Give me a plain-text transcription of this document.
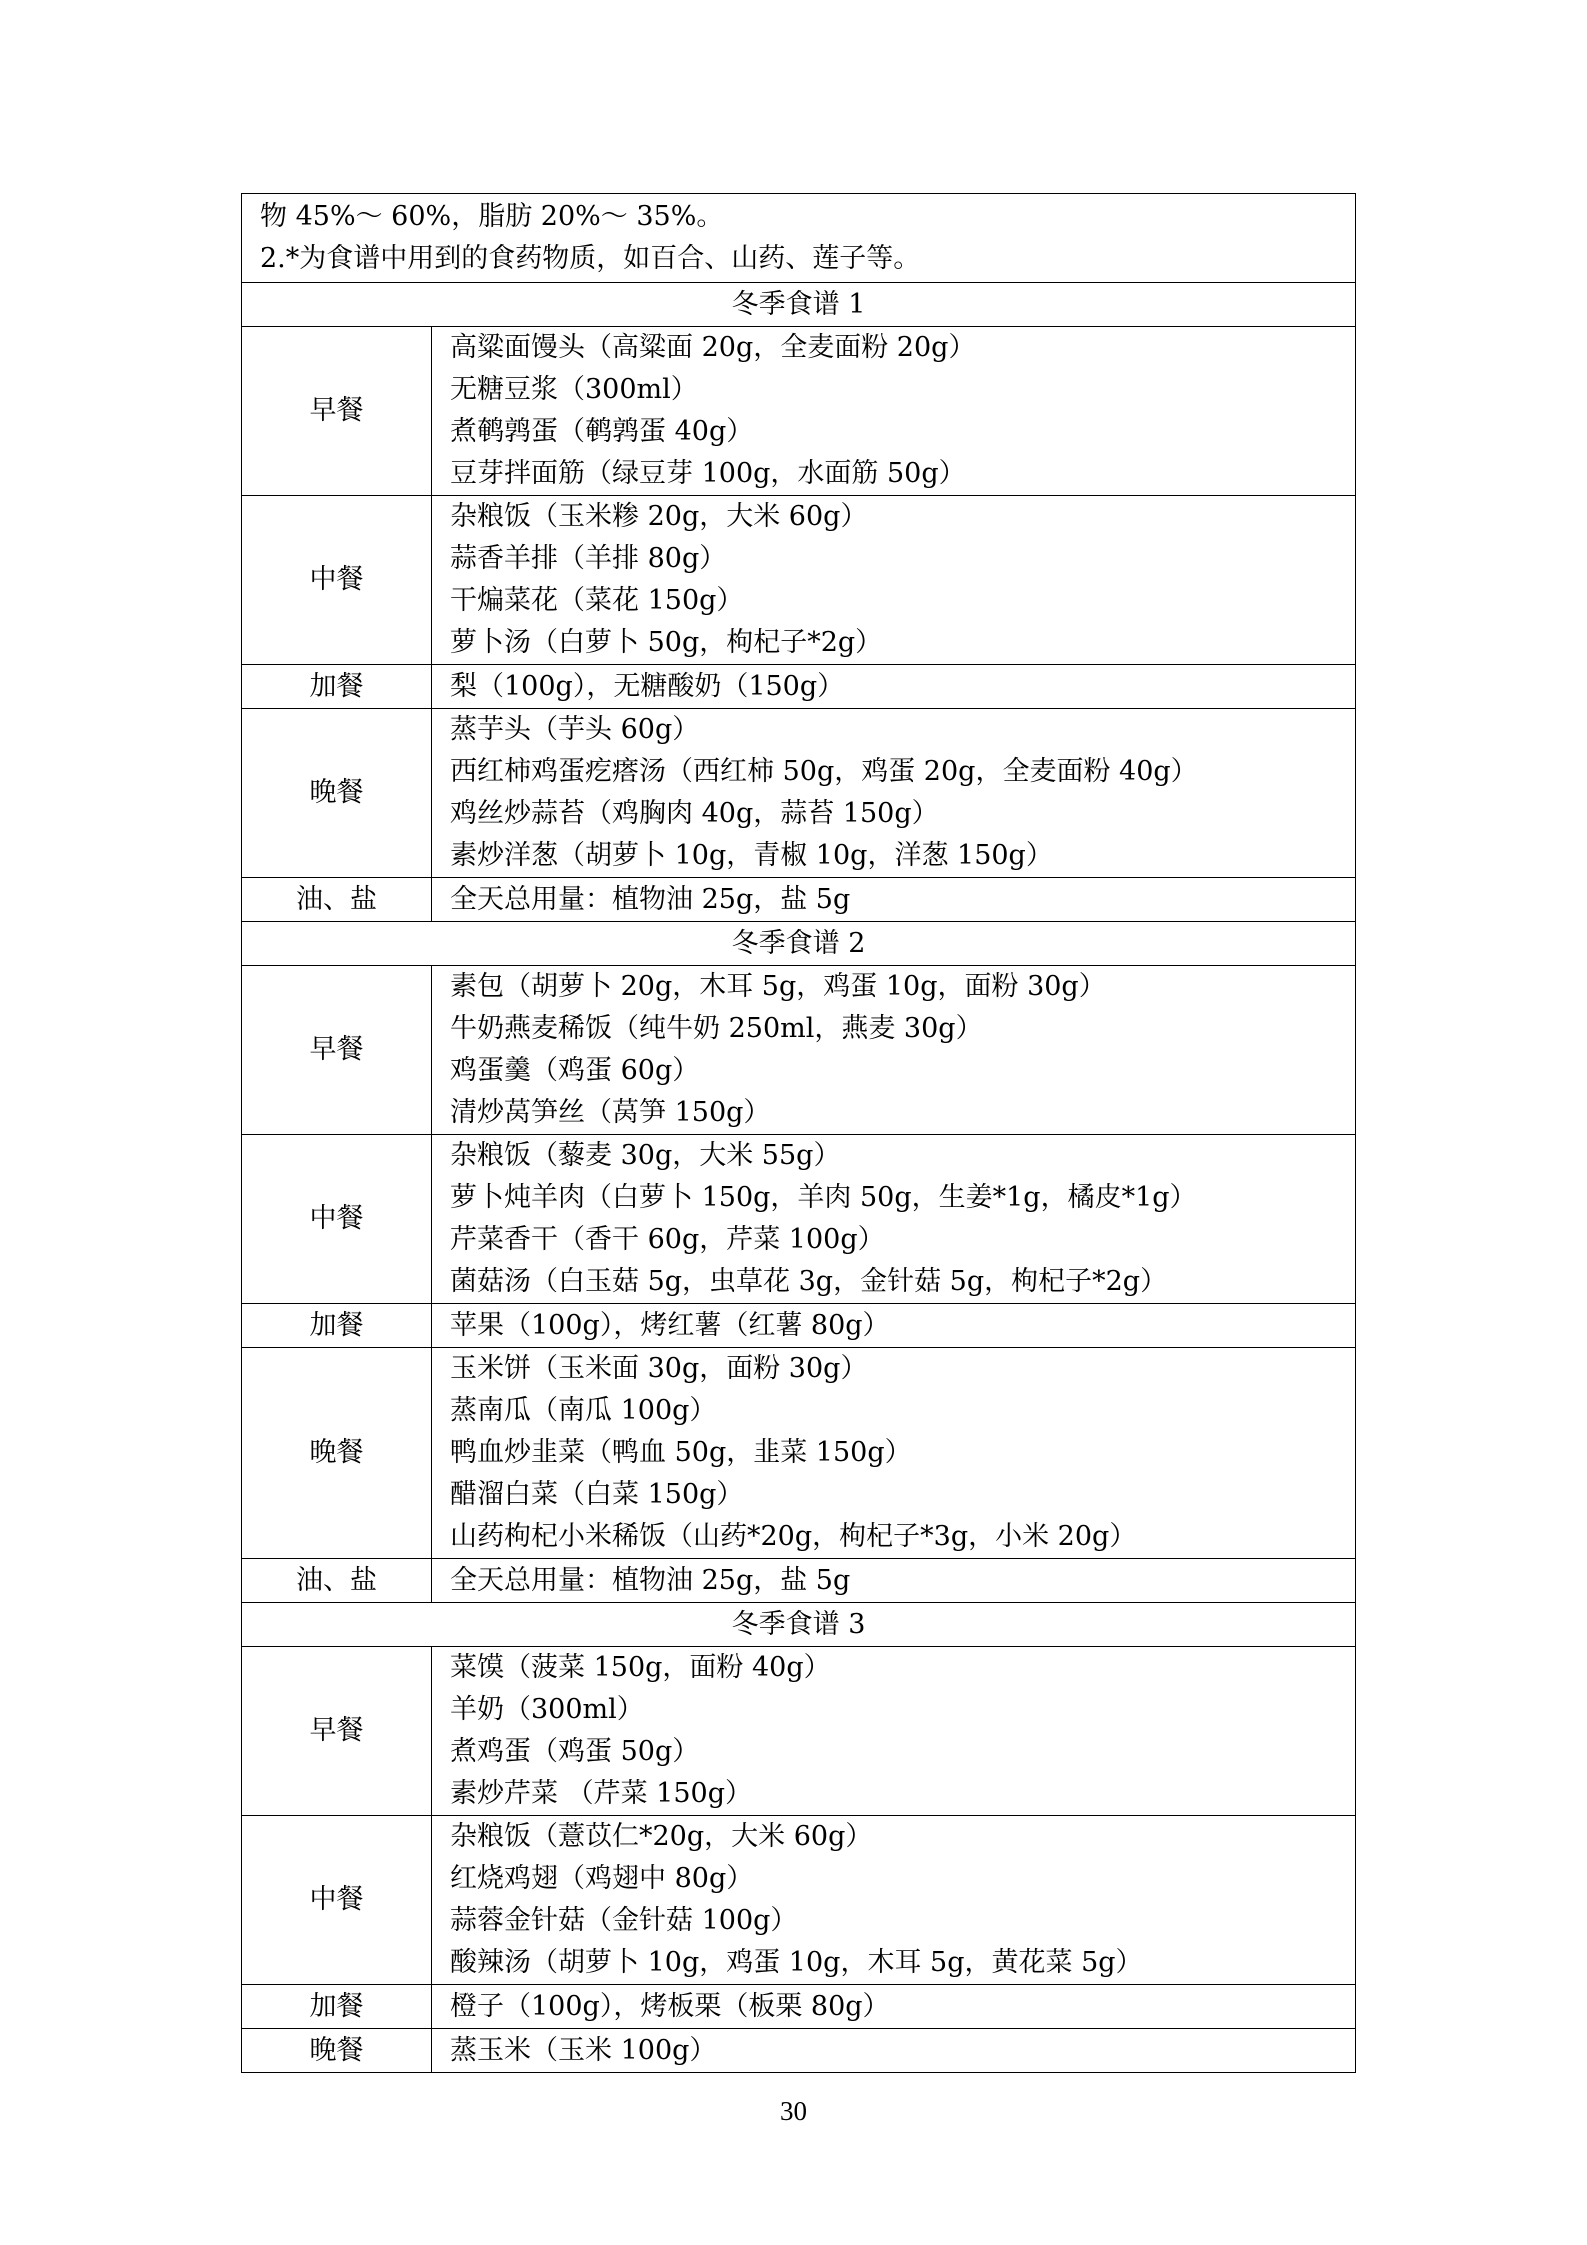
物 45%～ 60%，脂肪 20%～ 35%。
2.*为食谱中用到的食药物质，如百合、山药、莲子等。	

冬季食谱 1	
早餐	高粱面馒头（高粱面 20g，全麦面粉 20g）
无糖豆浆（300ml）
煮鹌鹑蛋（鹌鹑蛋 40g）
豆芽拌面筋（绿豆芽 100g，水面筋 50g）

中餐	杂粮饭（玉米糁 20g，大米 60g）
蒜香羊排（羊排 80g）
干煸菜花（菜花 150g）
萝卜汤（白萝卜 50g，枸杞子*2g）

加餐	梨（100g），无糖酸奶（150g）

晚餐	蒸芋头（芋头 60g）
西红柿鸡蛋疙瘩汤（西红柿 50g，鸡蛋 20g，全麦面粉 40g）
鸡丝炒蒜苔（鸡胸肉 40g，蒜苔 150g）
素炒洋葱（胡萝卜 10g，青椒 10g，洋葱 150g）

油、盐	全天总用量：植物油 25g，盐 5g

冬季食谱 2	
早餐	素包（胡萝卜 20g，木耳 5g，鸡蛋 10g，面粉 30g）
牛奶燕麦稀饭（纯牛奶 250ml，燕麦 30g）
鸡蛋羹（鸡蛋 60g）
清炒莴笋丝（莴笋 150g）

中餐	杂粮饭（藜麦 30g，大米 55g）
萝卜炖羊肉（白萝卜 150g，羊肉 50g，生姜*1g，橘皮*1g）
芹菜香干（香干 60g，芹菜 100g）
菌菇汤（白玉菇 5g，虫草花 3g，金针菇 5g，枸杞子*2g）

加餐	苹果（100g），烤红薯（红薯 80g）

晚餐	玉米饼（玉米面 30g，面粉 30g）
蒸南瓜（南瓜 100g）
鸭血炒韭菜（鸭血 50g，韭菜 150g）
醋溜白菜（白菜 150g）
山药枸杞小米稀饭（山药*20g，枸杞子*3g，小米 20g）

油、盐	全天总用量：植物油 25g，盐 5g

冬季食谱 3	
早餐	菜馍（菠菜 150g，面粉 40g）
羊奶（300ml）
煮鸡蛋（鸡蛋 50g）
素炒芹菜 （芹菜 150g）

中餐	杂粮饭（薏苡仁*20g，大米 60g）
红烧鸡翅（鸡翅中 80g）
蒜蓉金针菇（金针菇 100g）
酸辣汤（胡萝卜 10g，鸡蛋 10g，木耳 5g，黄花菜 5g）

加餐	橙子（100g），烤板栗（板栗 80g）

晚餐	蒸玉米（玉米 100g）
30
